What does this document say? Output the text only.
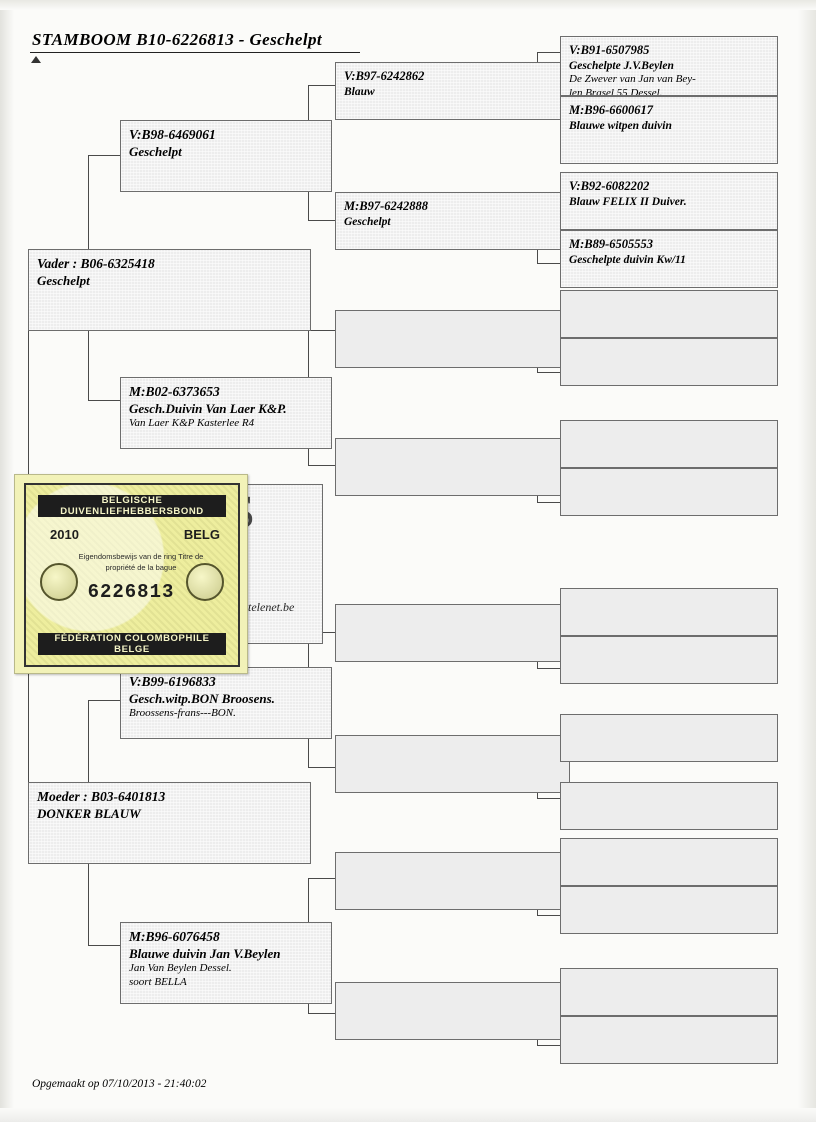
STAMBOOM B10-6226813 - Geschelpt
Vader : B06-6325418
Geschelpt
Moeder : B03-6401813
DONKER BLAUW
V:B98-6469061
Geschelpt
M:B02-6373653
Gesch.Duivin Van Laer K&P.
Van Laer K&P Kasterlee R4
V:B99-6196833
Gesch.witp.BON Broosens.
Broossens-frans---BON.
M:B96-6076458
Blauwe duivin Jan V.Beylen
Jan Van Beylen Dessel.
soort BELLA
V:B97-6242862
Blauw
M:B97-6242888
Geschelpt
V:B91-6507985
Geschelpte J.V.Beylen
De Zwever van Jan van Bey-
len Brasel 55 Dessel.
M:B96-6600617
Blauwe witpen duivin
V:B92-6082202
Blauw FELIX II Duiver.
M:B89-6505553
Geschelpte duivin Kw/11
telenet.be
BELGISCHE DUIVENLIEFHEBBERSBOND
2010	BELG
Eigendomsbewijs van de ring Titre de propriété de la bague
6226813
FÉDÉRATION COLOMBOPHILE BELGE
Opgemaakt op 07/10/2013 - 21:40:02
